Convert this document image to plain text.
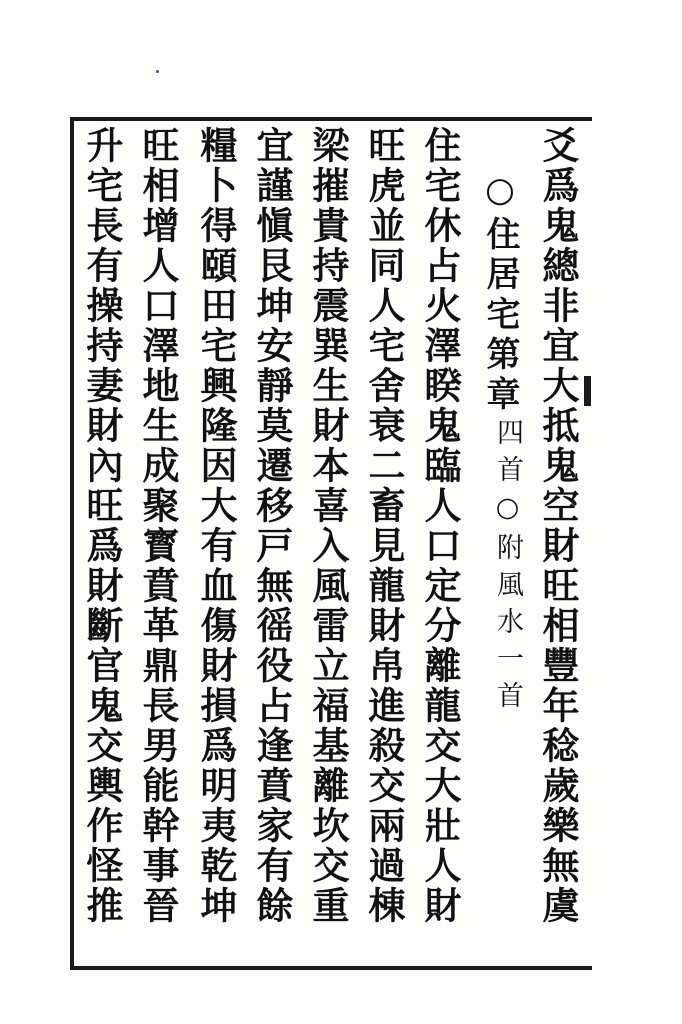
爻爲鬼總非宜大抵鬼空財旺相豐年稔歲樂無虞
○住居宅第章
四首○附風水一首
住宅休占火澤睽鬼臨人口定分離龍交大壯人財
旺虎並同人宅舍衰二畜見龍財帛進殺交兩過棟
梁摧貴持震巽生財本喜入風雷立福基離坎交重
宜謹愼艮坤安靜莫遷移戸無徭役占逢賁家有餘
糧卜得頤田宅興隆因大有血傷財損爲明夷乾坤
旺相增人口澤地生成聚寳賁革鼎長男能幹事晉
升宅長有操持妻財內旺爲財斷官鬼交輿作怪推
